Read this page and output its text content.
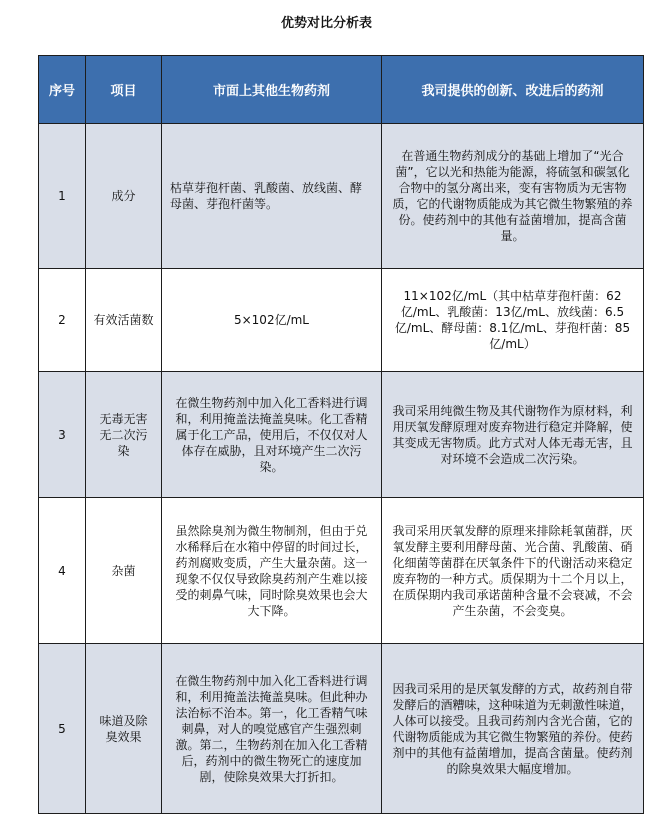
优势对比分析表
序号	项目	市面上其他生物药剂	我司提供的创新、改进后的药剂
1	成分	枯草芽孢杆菌、乳酸菌、放线菌、酵母菌、芽孢杆菌等。	在普通生物药剂成分的基础上增加了“光合菌”，它以光和热能为能源，将硫氢和碳氢化合物中的氢分离出来，变有害物质为无害物质，它的代谢物质能成为其它微生物繁殖的养份。使药剂中的其他有益菌增加，提高含菌量。

2	有效活菌数	5×102亿/mL	11×102亿/mL（其中枯草芽孢杆菌：62亿/mL、乳酸菌：13亿/mL、放线菌：6.5亿/mL、酵母菌：8.1亿/mL、芽孢杆菌：85亿/mL）

3	无毒无害无二次污染	在微生物药剂中加入化工香料进行调和，利用掩盖法掩盖臭味。化工香精属于化工产品，使用后，不仅仅对人体存在威胁，且对环境产生二次污染。	我司采用纯微生物及其代谢物作为原材料，利用厌氧发酵原理对废弃物进行稳定并降解，使其变成无害物质。此方式对人体无毒无害，且对环境不会造成二次污染。

4	杂菌	虽然除臭剂为微生物制剂，但由于兑水稀释后在水箱中停留的时间过长，药剂腐败变质，产生大量杂菌。这一现象不仅仅导致除臭药剂产生难以接受的刺鼻气味，同时除臭效果也会大大下降。	我司采用厌氧发酵的原理来排除耗氧菌群，厌氧发酵主要利用酵母菌、光合菌、乳酸菌、硝化细菌等菌群在厌氧条件下的代谢活动来稳定废弃物的一种方式。质保期为十二个月以上，在质保期内我司承诺菌种含量不会衰减，不会产生杂菌，不会变臭。

5	味道及除臭效果	在微生物药剂中加入化工香料进行调和，利用掩盖法掩盖臭味。但此种办法治标不治本。第一，化工香精气味刺鼻，对人的嗅觉感官产生强烈刺激。第二，生物药剂在加入化工香精后，药剂中的微生物死亡的速度加剧，使除臭效果大打折扣。	因我司采用的是厌氧发酵的方式，故药剂自带发酵后的酒糟味，这种味道为无刺激性味道，人体可以接受。且我司药剂内含光合菌，它的代谢物质能成为其它微生物繁殖的养份。使药剂中的其他有益菌增加，提高含菌量。使药剂的除臭效果大幅度增加。
